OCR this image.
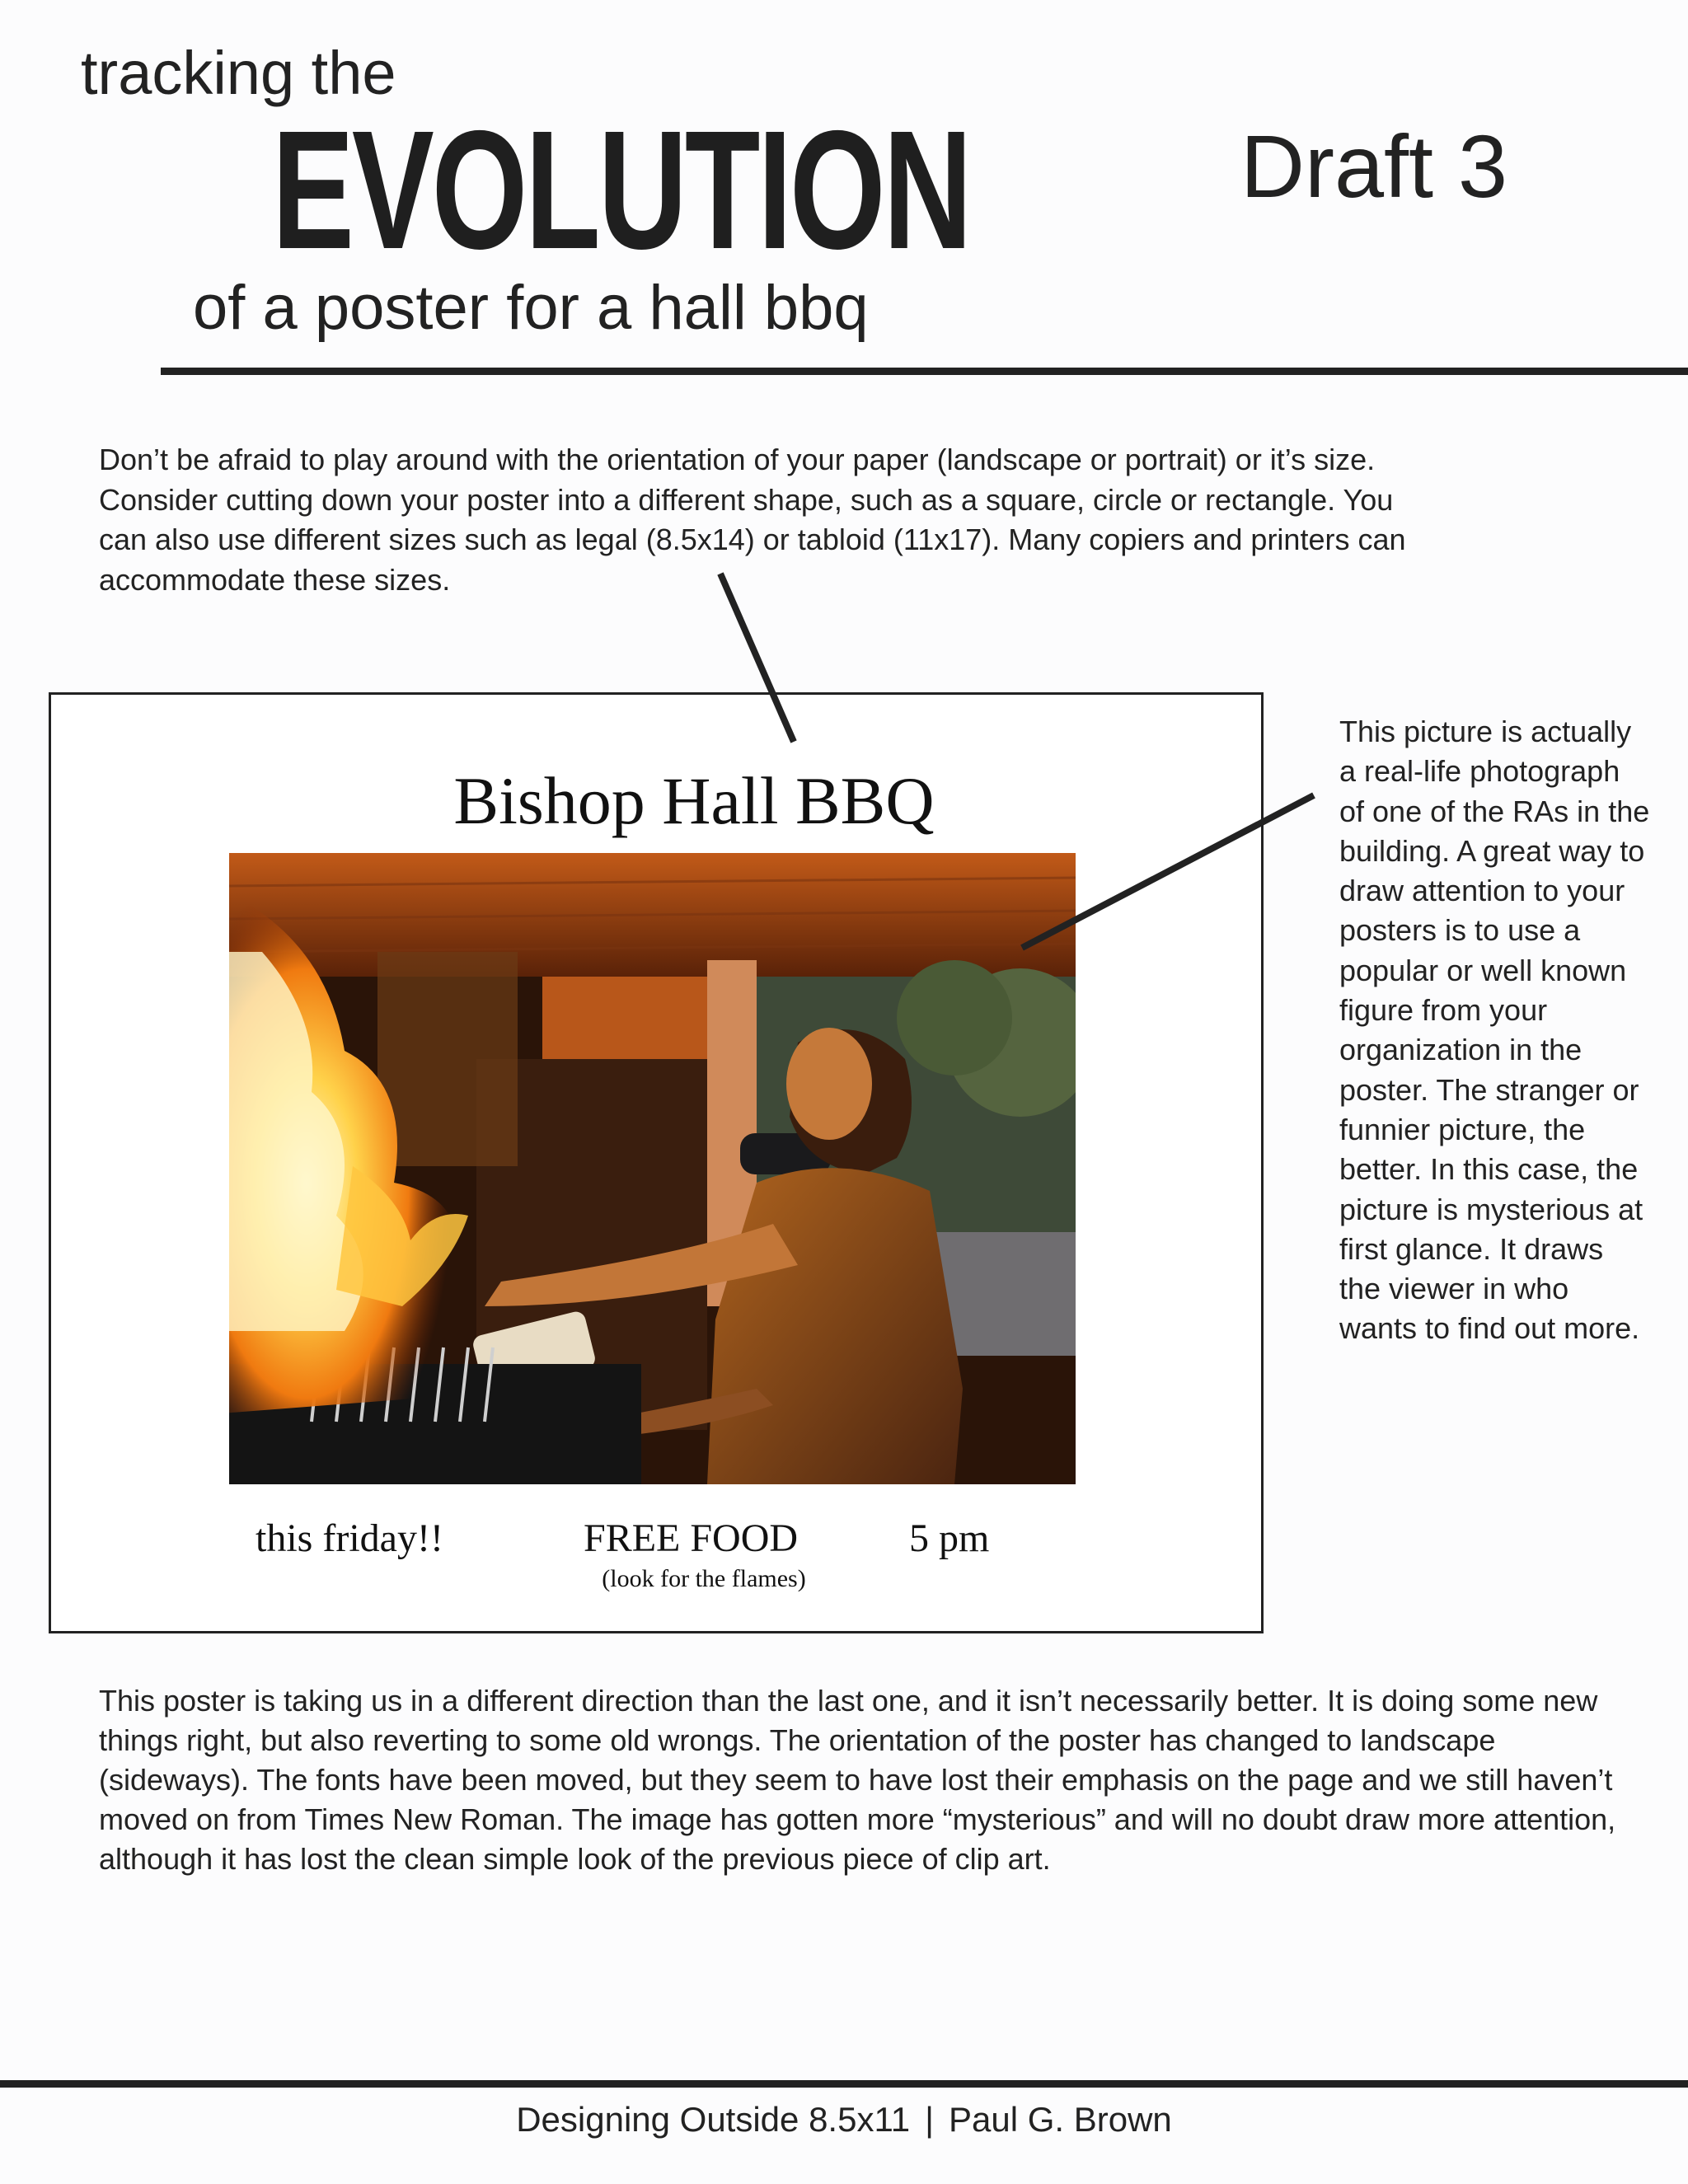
tracking the
EVOLUTION
of a poster for a hall bbq
Draft 3
Don’t be afraid to play around with the orientation of your paper (landscape or portrait) or it’s size. Consider cutting down your poster into a different shape, such as a square, circle or rectangle. You can also use different sizes such as legal (8.5x14) or tabloid (11x17). Many copiers and printers can accommodate these sizes.
Bishop Hall BBQ
this friday!!	FREE FOOD
(look for the flames)
5 pm
This picture is actually a real-life photograph of one of the RAs in the building. A great way to draw attention to your posters is to use a popular or well known figure from your organization in the poster. The stranger or funnier picture, the better. In this case, the picture is mysterious at first glance. It draws the viewer in who wants to find out more.
This poster is taking us in a different direction than the last one, and it isn’t necessarily better. It is doing some new things right, but also reverting to some old wrongs. The orientation of the poster has changed to landscape (sideways). The fonts have been moved, but they seem to have lost their emphasis on the page and we still haven’t moved on from Times New Roman. The image has gotten more “mysterious” and will no doubt draw more attention, although it has lost the clean simple look of the previous piece of clip art.
Designing Outside 8.5x11 | Paul G. Brown
